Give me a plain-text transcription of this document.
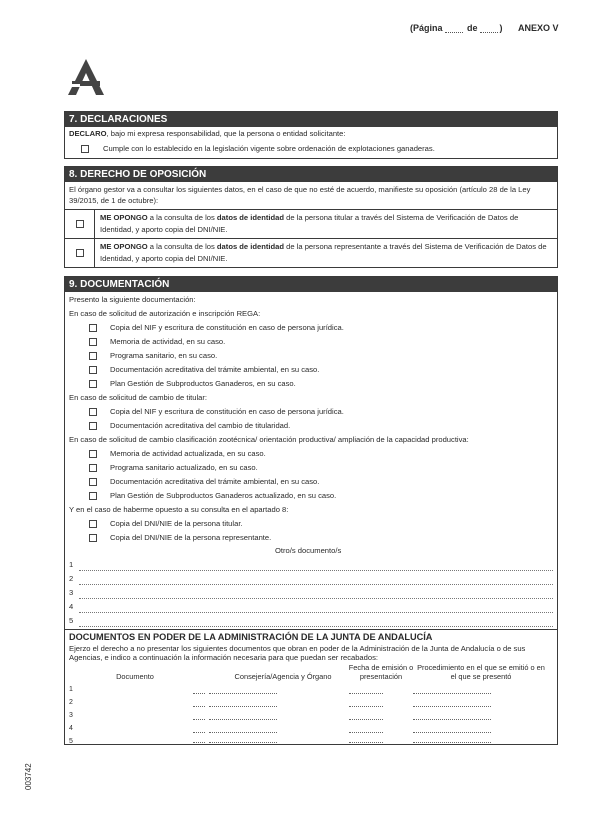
(Página	de ) ANEXO V
7. DECLARACIONES
DECLARO, bajo mi expresa responsabilidad, que la persona o entidad solicitante:
Cumple con lo establecido en la legislación vigente sobre ordenación de explotaciones ganaderas.
8. DERECHO DE OPOSICIÓN
El órgano gestor va a consultar los siguientes datos, en el caso de que no esté de acuerdo, manifieste su oposición (artículo 28 de la Ley 39/2015, de 1 de octubre):
ME OPONGO a la consulta de los datos de identidad de la persona titular a través del Sistema de Verificación de Datos de Identidad, y aporto copia del DNI/NIE.
ME OPONGO a la consulta de los datos de identidad de la persona representante a través del Sistema de Verificación de Datos de Identidad, y aporto copia del DNI/NIE.
9. DOCUMENTACIÓN
Presento la siguiente documentación:
En caso de solicitud de autorización e inscripción REGA:
Copia del NIF y escritura de constitución en caso de persona jurídica.
Memoria de actividad, en su caso.
Programa sanitario, en su caso.
Documentación acreditativa del trámite ambiental, en su caso.
Plan Gestión de Subproductos Ganaderos, en su caso.
En caso de solicitud de cambio de titular:
Copia del NIF y escritura de constitución en caso de persona jurídica.
Documentación acreditativa del cambio de titularidad.
En caso de solicitud de cambio clasificación zootécnica/ orientación productiva/ ampliación de la capacidad productiva:
Memoria de actividad actualizada, en su caso.
Programa sanitario actualizado, en su caso.
Documentación acreditativa del trámite ambiental, en su caso.
Plan Gestión de Subproductos Ganaderos actualizado, en su caso.
Y en el caso de haberme opuesto a su consulta en el apartado 8:
Copia del DNI/NIE de la persona titular.
Copia del DNI/NIE de la persona representante.
Otro/s documento/s
1
2
3
4
5
DOCUMENTOS EN PODER DE LA ADMINISTRACIÓN DE LA JUNTA DE ANDALUCÍA
Ejerzo el derecho a no presentar los siguientes documentos que obran en poder de la Administración de la Junta de Andalucía o de sus Agencias, e indico a continuación la información necesaria para que puedan ser recabados:
Documento	Consejería/Agencia y Órgano
Fecha de emisión o presentación
Procedimiento en el que se emitió o en el que se presentó
1
2
3
4
5
003742
